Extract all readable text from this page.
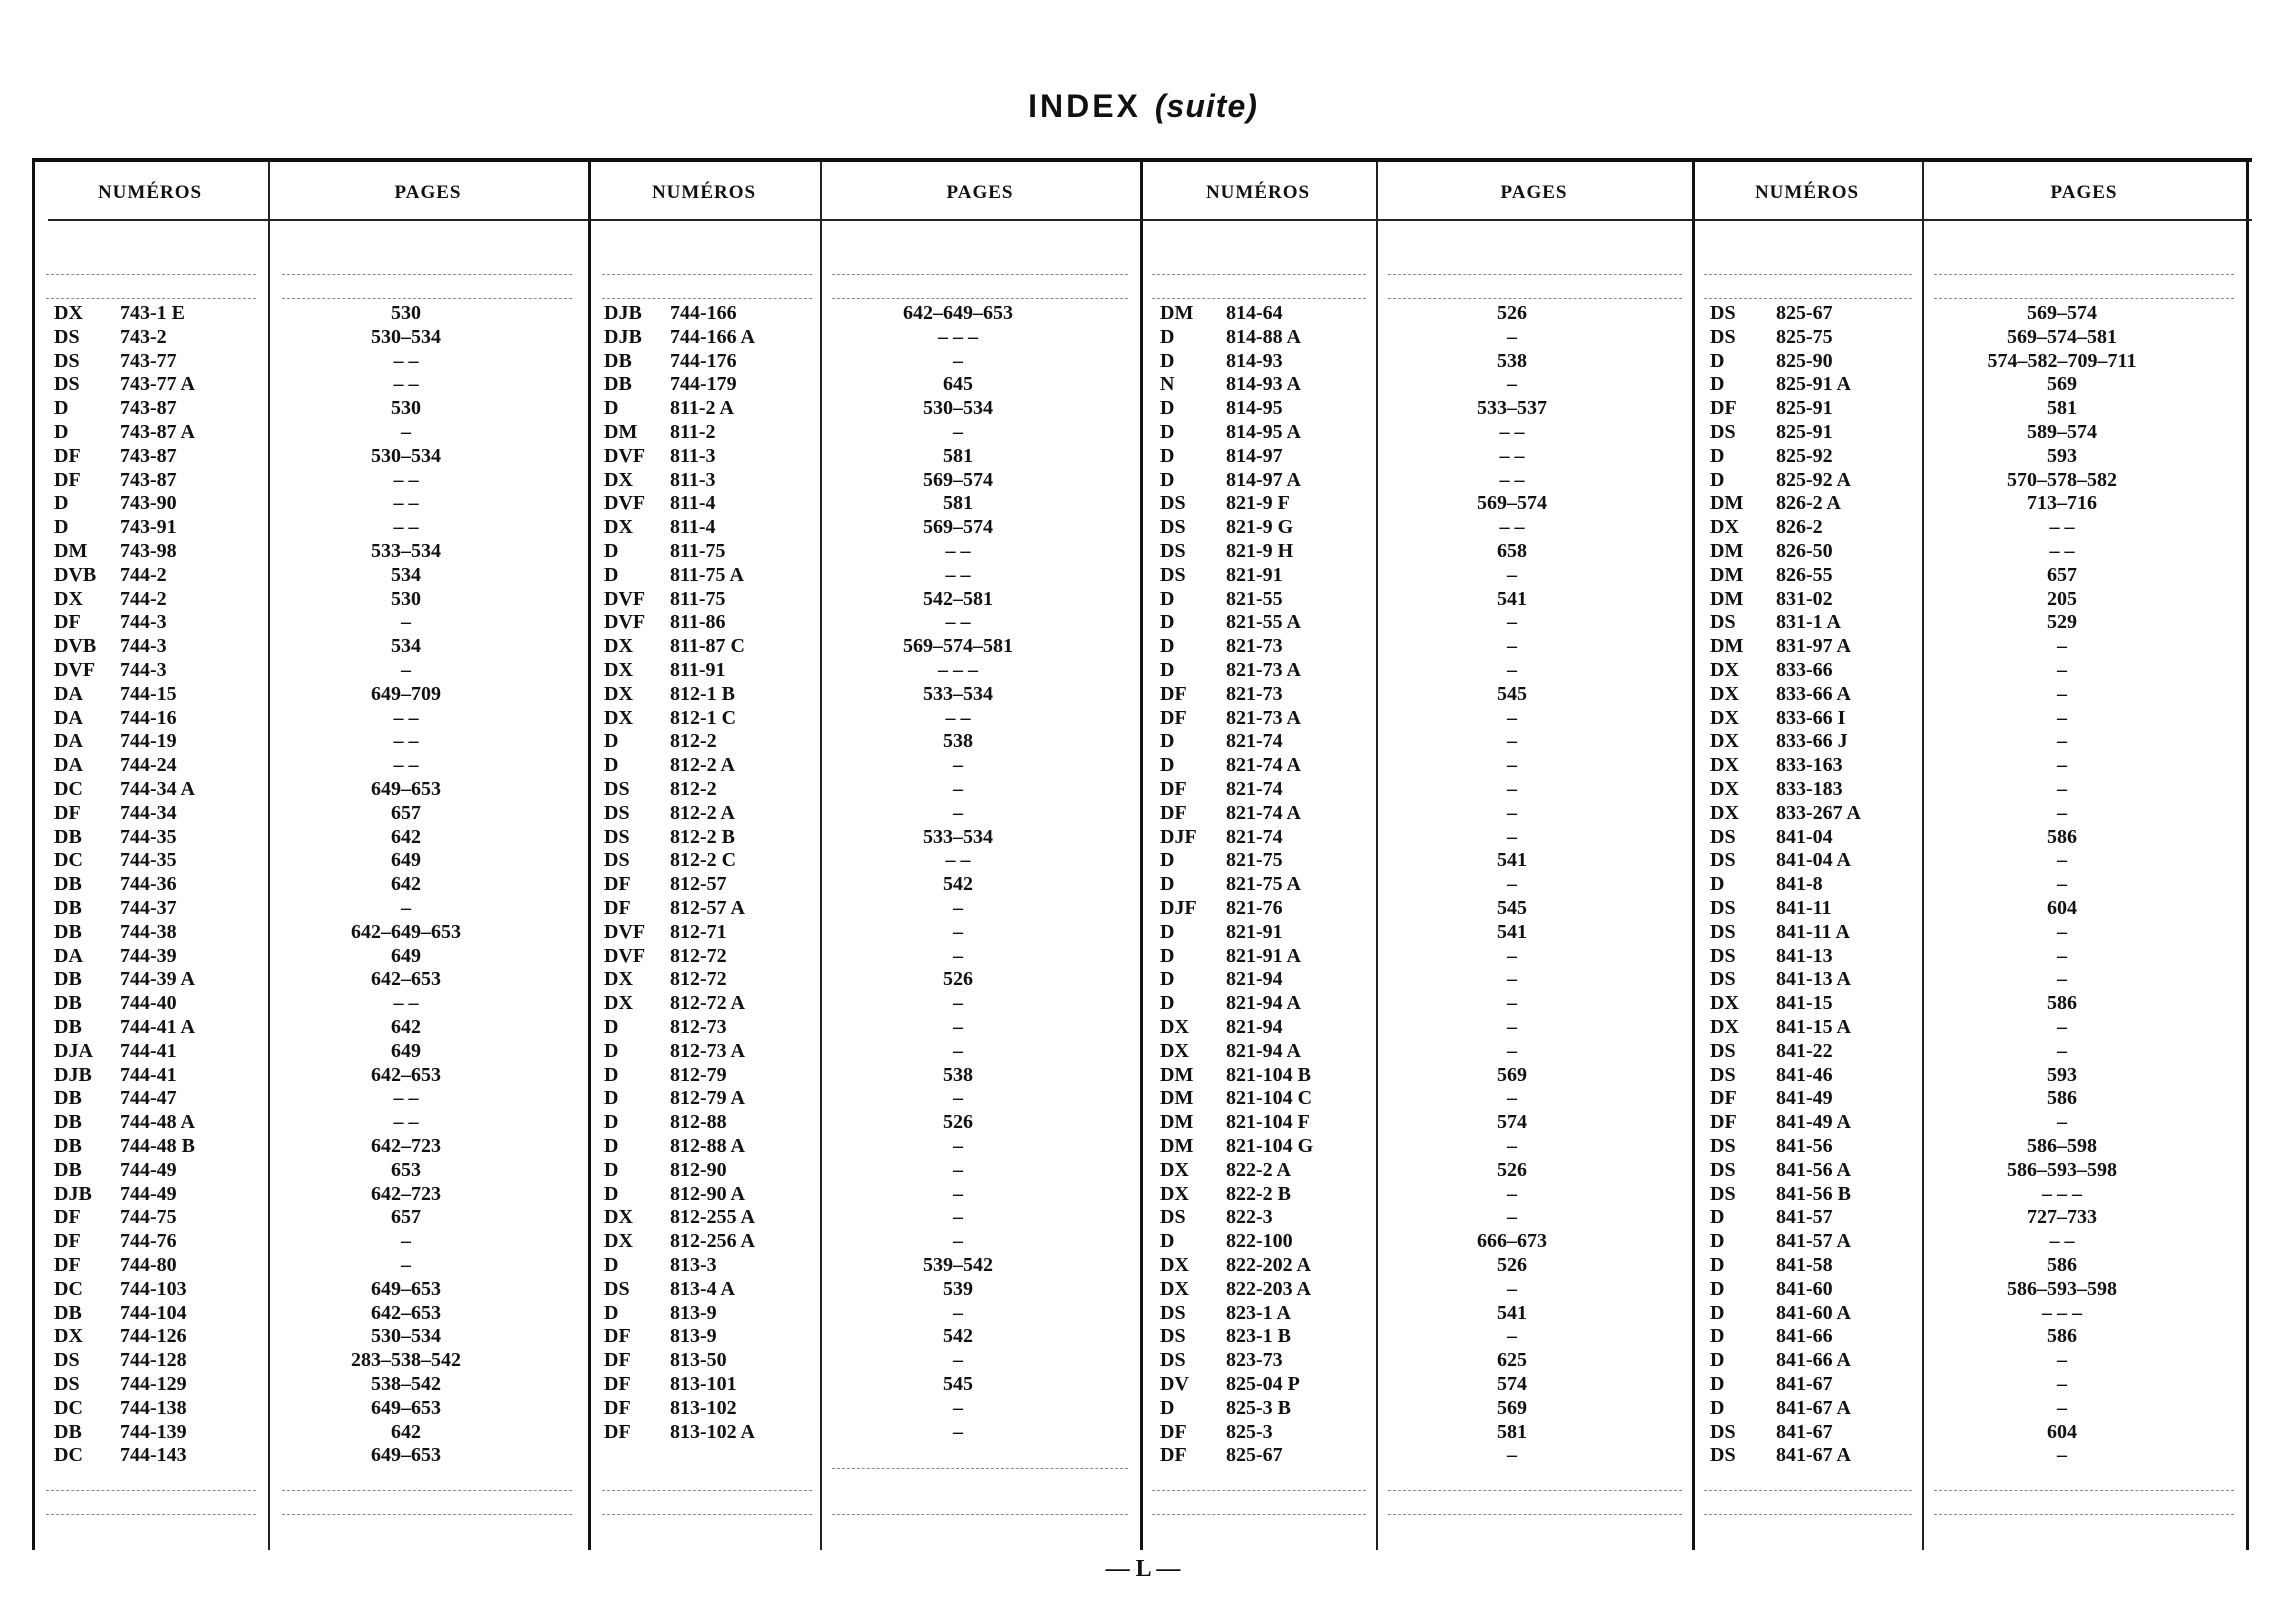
INDEX (suite)
NUMÉROS	PAGES	NUMÉROS	PAGES	NUMÉROS	PAGES	NUMÉROS	PAGES
DX	743-1 E	530
DS	743-2	530–534
DS	743-77	– –
DS	743-77 A	– –
D	743-87	530
D	743-87 A	–
DF	743-87	530–534
DF	743-87	– –
D	743-90	– –
D	743-91	– –
DM	743-98	533–534
DVB	744-2	534
DX	744-2	530
DF	744-3	–
DVB	744-3	534
DVF	744-3	–
DA	744-15	649–709
DA	744-16	– –
DA	744-19	– –
DA	744-24	– –
DC	744-34 A	649–653
DF	744-34	657
DB	744-35	642
DC	744-35	649
DB	744-36	642
DB	744-37	–
DB	744-38	642–649–653
DA	744-39	649
DB	744-39 A	642–653
DB	744-40	– –
DB	744-41 A	642
DJA	744-41	649
DJB	744-41	642–653
DB	744-47	– –
DB	744-48 A	– –
DB	744-48 B	642–723
DB	744-49	653
DJB	744-49	642–723
DF	744-75	657
DF	744-76	–
DF	744-80	–
DC	744-103	649–653
DB	744-104	642–653
DX	744-126	530–534
DS	744-128	283–538–542
DS	744-129	538–542
DC	744-138	649–653
DB	744-139	642
DC	744-143	649–653
DJB	744-166	642–649–653
DJB	744-166 A	– – –
DB	744-176	–
DB	744-179	645
D	811-2 A	530–534
DM	811-2	–
DVF	811-3	581
DX	811-3	569–574
DVF	811-4	581
DX	811-4	569–574
D	811-75	– –
D	811-75 A	– –
DVF	811-75	542–581
DVF	811-86	– –
DX	811-87 C	569–574–581
DX	811-91	– – –
DX	812-1 B	533–534
DX	812-1 C	– –
D	812-2	538
D	812-2 A	–
DS	812-2	–
DS	812-2 A	–
DS	812-2 B	533–534
DS	812-2 C	– –
DF	812-57	542
DF	812-57 A	–
DVF	812-71	–
DVF	812-72	–
DX	812-72	526
DX	812-72 A	–
D	812-73	–
D	812-73 A	–
D	812-79	538
D	812-79 A	–
D	812-88	526
D	812-88 A	–
D	812-90	–
D	812-90 A	–
DX	812-255 A	–
DX	812-256 A	–
D	813-3	539–542
DS	813-4 A	539
D	813-9	–
DF	813-9	542
DF	813-50	–
DF	813-101	545
DF	813-102	–
DF	813-102 A	–
DM	814-64	526
D	814-88 A	–
D	814-93	538
N	814-93 A	–
D	814-95	533–537
D	814-95 A	– –
D	814-97	– –
D	814-97 A	– –
DS	821-9 F	569–574
DS	821-9 G	– –
DS	821-9 H	658
DS	821-91	–
D	821-55	541
D	821-55 A	–
D	821-73	–
D	821-73 A	–
DF	821-73	545
DF	821-73 A	–
D	821-74	–
D	821-74 A	–
DF	821-74	–
DF	821-74 A	–
DJF	821-74	–
D	821-75	541
D	821-75 A	–
DJF	821-76	545
D	821-91	541
D	821-91 A	–
D	821-94	–
D	821-94 A	–
DX	821-94	–
DX	821-94 A	–
DM	821-104 B	569
DM	821-104 C	–
DM	821-104 F	574
DM	821-104 G	–
DX	822-2 A	526
DX	822-2 B	–
DS	822-3	–
D	822-100	666–673
DX	822-202 A	526
DX	822-203 A	–
DS	823-1 A	541
DS	823-1 B	–
DS	823-73	625
DV	825-04 P	574
D	825-3 B	569
DF	825-3	581
DF	825-67	–
DS	825-67	569–574
DS	825-75	569–574–581
D	825-90	574–582–709–711
D	825-91 A	569
DF	825-91	581
DS	825-91	589–574
D	825-92	593
D	825-92 A	570–578–582
DM	826-2 A	713–716
DX	826-2	– –
DM	826-50	– –
DM	826-55	657
DM	831-02	205
DS	831-1 A	529
DM	831-97 A	–
DX	833-66	–
DX	833-66 A	–
DX	833-66 I	–
DX	833-66 J	–
DX	833-163	–
DX	833-183	–
DX	833-267 A	–
DS	841-04	586
DS	841-04 A	–
D	841-8	–
DS	841-11	604
DS	841-11 A	–
DS	841-13	–
DS	841-13 A	–
DX	841-15	586
DX	841-15 A	–
DS	841-22	–
DS	841-46	593
DF	841-49	586
DF	841-49 A	–
DS	841-56	586–598
DS	841-56 A	586–593–598
DS	841-56 B	– – –
D	841-57	727–733
D	841-57 A	– –
D	841-58	586
D	841-60	586–593–598
D	841-60 A	– – –
D	841-66	586
D	841-66 A	–
D	841-67	–
D	841-67 A	–
DS	841-67	604
DS	841-67 A	–
— L —
